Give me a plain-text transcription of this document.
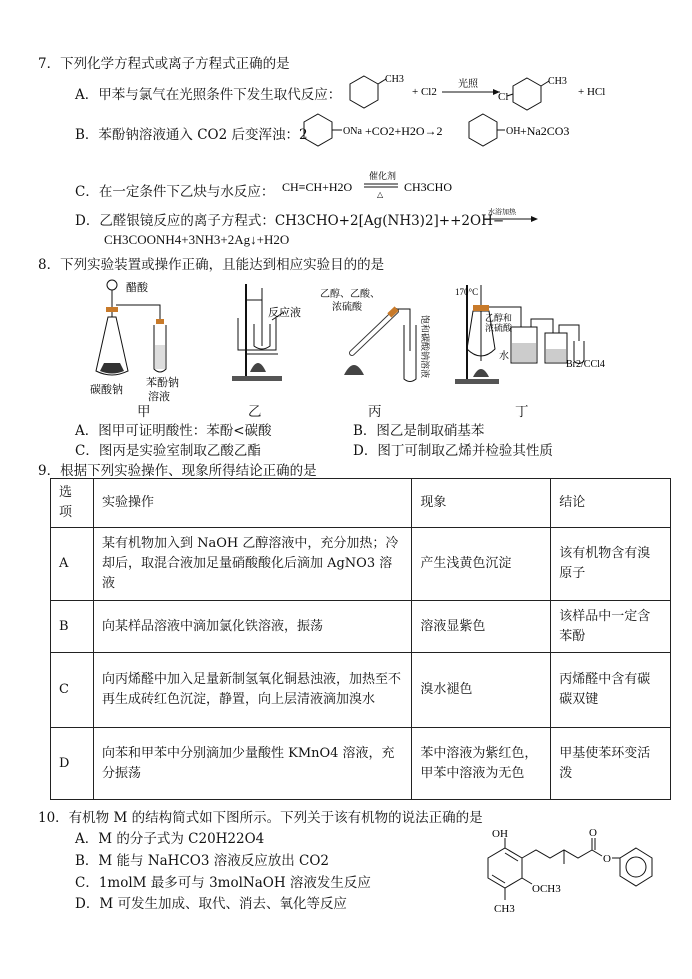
7．下列化学方程式或离子方程式正确的是
A．甲苯与氯气在光照条件下发生取代反应：
CH3
+ Cl2
光照
Cl
CH3
+ HCl
B．苯酚钠溶液通入 CO2 后变浑浊：2	ONa +CO2+H2O→2	OH +Na2CO3
C．在一定条件下乙炔与水反应： CH≡CH+H2O
催化剂
△
CH3CHO
D．乙醛银镜反应的离子方程式：CH3CHO+2[Ag(NH3)2]++2OH−
水浴加热
CH3COONH4+3NH3+2Ag↓+H2O
8．下列实验装置或操作正确，且能达到相应实验目的的是
醋酸
碳酸钠
苯酚钠
溶液
甲
反应液
乙
乙醇、乙酸、
浓硫酸
饱和碳酸钠溶液
丙
170°C
乙醇和
浓硫酸
水
Br2/CCl4
丁
A．图甲可证明酸性：苯酚<碳酸	B．图乙是制取硝基苯
C．图丙是实验室制取乙酸乙酯	D．图丁可制取乙烯并检验其性质
9．根据下列实验操作、现象所得结论正确的是
选项	实验操作	现象	结论
A	某有机物加入到 NaOH 乙醇溶液中，充分加热；冷却后，取混合液加足量硝酸酸化后滴加 AgNO3 溶液	产生浅黄色沉淀	该有机物含有溴原子
B	向某样品溶液中滴加氯化铁溶液，振荡	溶液显紫色	该样品中一定含苯酚
C	向丙烯醛中加入足量新制氢氧化铜悬浊液，加热至不再生成砖红色沉淀，静置，向上层清液滴加溴水	溴水褪色	丙烯醛中含有碳碳双键
D	向苯和甲苯中分别滴加少量酸性 KMnO4 溶液，充分振荡	苯中溶液为紫红色，甲苯中溶液为无色	甲基使苯环变活泼
10．有机物 M 的结构简式如下图所示。下列关于该有机物的说法正确的是
A．M 的分子式为 C20H22O4
B．M 能与 NaHCO3 溶液反应放出 CO2
C．1molM 最多可与 3molNaOH 溶液发生反应
D．M 可发生加成、取代、消去、氧化等反应
OH
OCH3
CH3
O
O
